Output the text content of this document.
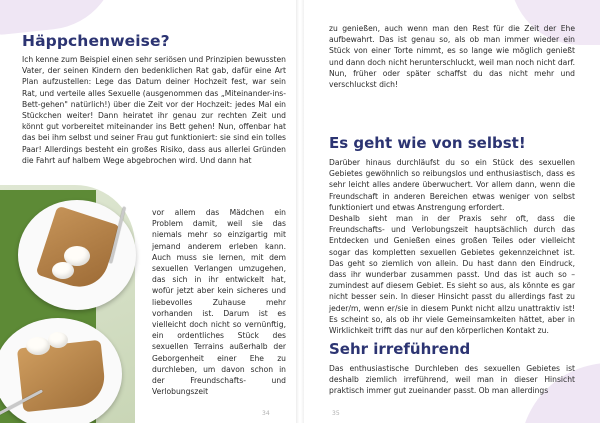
Häppchenweise?

Ich kenne zum Beispiel einen sehr seriösen und Prinzipien bewussten Vater, der seinen Kindern den bedenklichen Rat gab, dafür eine Art Plan aufzustellen: Lege das Datum deiner Hochzeit fest, war sein Rat, und verteile alles Sexuelle (ausgenommen das „Miteinander-ins-Bett-gehen" natürlich!) über die Zeit vor der Hochzeit: jedes Mal ein Stückchen weiter! Dann heiratet ihr genau zur rechten Zeit und könnt gut vorbereitet miteinander ins Bett gehen! Nun, offenbar hat das bei ihm selbst und seiner Frau gut funktioniert: sie sind ein tolles Paar! Allerdings besteht ein großes Risiko, dass aus allerlei Gründen die Fahrt auf halbem Wege abgebrochen wird. Und dann hat

vor allem das Mädchen ein Problem damit, weil sie das niemals mehr so einzigartig mit jemand anderem erleben kann. Auch muss sie lernen, mit dem sexuellen Verlangen umzugehen, das sich in ihr entwickelt hat, wofür jetzt aber kein sicheres und liebevolles Zuhause mehr vorhanden ist. Darum ist es vielleicht doch nicht so vernünftig, ein ordentliches Stück des sexuellen Terrains außerhalb der Geborgenheit einer Ehe zu durchleben, um davon schon in der Freundschafts- und Verlobungszeit

34

zu genießen, auch wenn man den Rest für die Zeit der Ehe aufbewahrt. Das ist genau so, als ob man immer wieder ein Stück von einer Torte nimmt, es so lange wie möglich genießt und dann doch nicht herunterschluckt, weil man noch nicht darf. Nun, früher oder später schaffst du das nicht mehr und verschluckst dich!

Es geht wie von selbst!

Darüber hinaus durchläufst du so ein Stück des sexuellen Gebietes gewöhnlich so reibungslos und enthusiastisch, dass es sehr leicht alles andere überwuchert. Vor allem dann, wenn die Freundschaft in anderen Bereichen etwas weniger von selbst funktioniert und etwas Anstrengung erfordert.

Deshalb sieht man in der Praxis sehr oft, dass die Freundschafts- und Verlobungszeit hauptsächlich durch das Entdecken und Genießen eines großen Teiles oder vielleicht sogar das kompletten sexuellen Gebietes gekennzeichnet ist. Das geht so ziemlich von allein. Du hast dann den Eindruck, dass ihr wunderbar zusammen passt. Und das ist auch so – zumindest auf diesem Gebiet. Es sieht so aus, als könnte es gar nicht besser sein. In dieser Hinsicht passt du allerdings fast zu jeder/m, wenn er/sie in diesem Punkt nicht allzu unattraktiv ist! Es scheint so, als ob ihr viele Gemeinsamkeiten hättet, aber in Wirklichkeit trifft das nur auf den körperlichen Kontakt zu.

Sehr irreführend

Das enthusiastische Durchleben des sexuellen Gebietes ist deshalb ziemlich irreführend, weil man in dieser Hinsicht praktisch immer gut zueinander passt. Ob man allerdings

35
